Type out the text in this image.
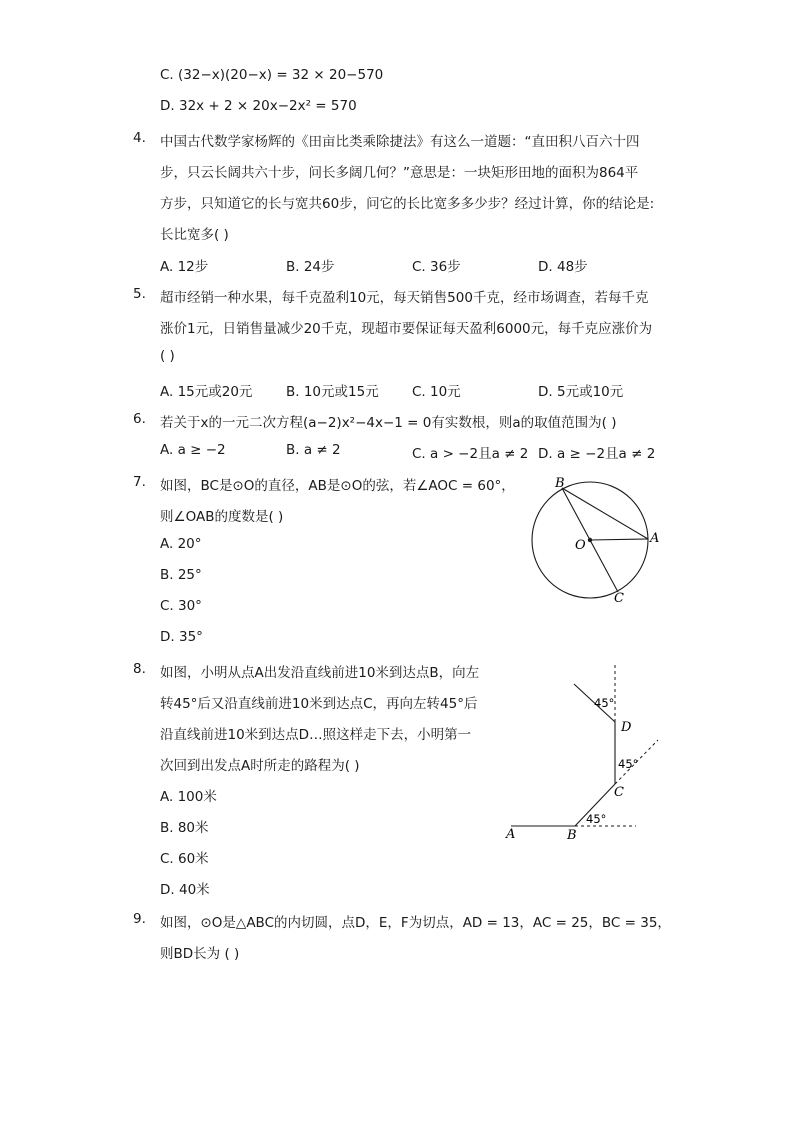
C. (32−x)(20−x) = 32 × 20−570
D. 32x + 2 × 20x−2x² = 570
4. 中国古代数学家杨辉的《田亩比类乘除捷法》有这么一道题：“直田积八百六十四
步，只云长阔共六十步，问长多阔几何？”意思是：一块矩形田地的面积为864平
方步，只知道它的长与宽共60步，问它的长比宽多多少步？经过计算，你的结论是:
长比宽多( )
A. 12步	B. 24步	C. 36步	D. 48步
5. 超市经销一种水果，每千克盈利10元，每天销售500千克，经市场调查，若每千克
涨价1元，日销售量减少20千克，现超市要保证每天盈利6000元，每千克应涨价为
( )
A. 15元或20元 B. 10元或15元 C. 10元	D. 5元或10元
6. 若关于x的一元二次方程(a−2)x²−4x−1 = 0有实数根，则a的取值范围为( )
A. a ≥ −2	B. a ≠ 2	C. a > −2且a ≠ 2 D. a ≥ −2且a ≠ 2
7. 如图，BC是⊙O的直径，AB是⊙O的弦，若∠AOC = 60°，
则∠OAB的度数是( )
A. 20°
B. 25°
C. 30°
D. 35°
B
A
O
C
8. 如图，小明从点A出发沿直线前进10米到达点B，向左
转45°后又沿直线前进10米到达点C，再向左转45°后
沿直线前进10米到达点D…照这样走下去，小明第一
次回到出发点A时所走的路程为( )
A. 100米
B. 80米
C. 60米
D. 40米
A	B
C
D
45°
45°
45°
9. 如图，⊙O是△ABC的内切圆，点D，E，F为切点，AD = 13，AC = 25，BC = 35，
则BD长为 ( )
